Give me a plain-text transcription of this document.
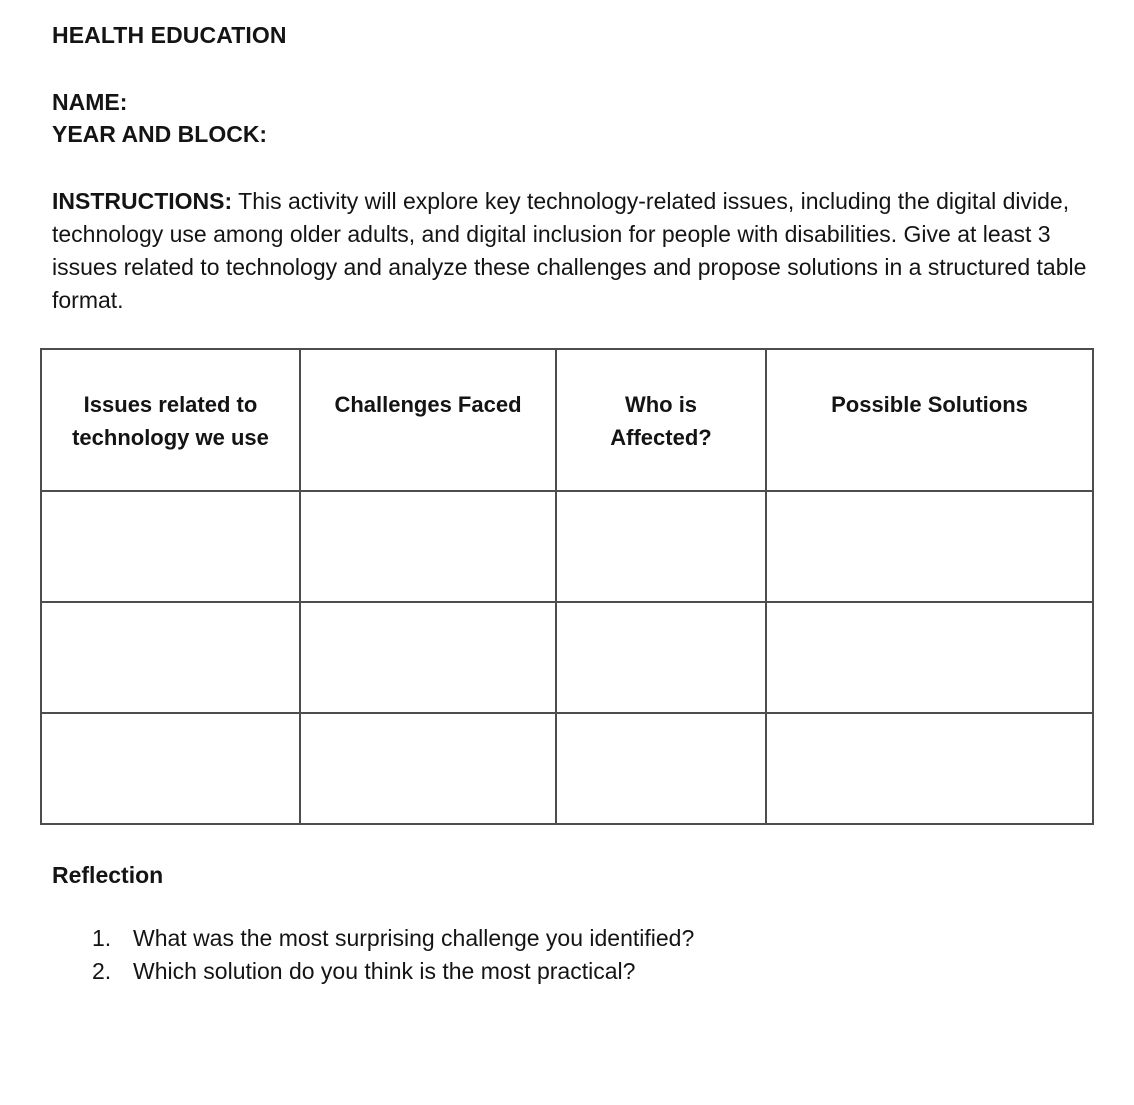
HEALTH EDUCATION
NAME:
YEAR AND BLOCK:

INSTRUCTIONS: This activity will explore key technology-related issues, including the digital divide, technology use among older adults, and digital inclusion for people with disabilities. Give at least 3 issues related to technology and analyze these challenges and propose solutions in a structured table format.

Issues related to technology we use	Challenges Faced	Who is Affected?	Possible Solutions

Reflection
1. What was the most surprising challenge you identified?
2. Which solution do you think is the most practical?
